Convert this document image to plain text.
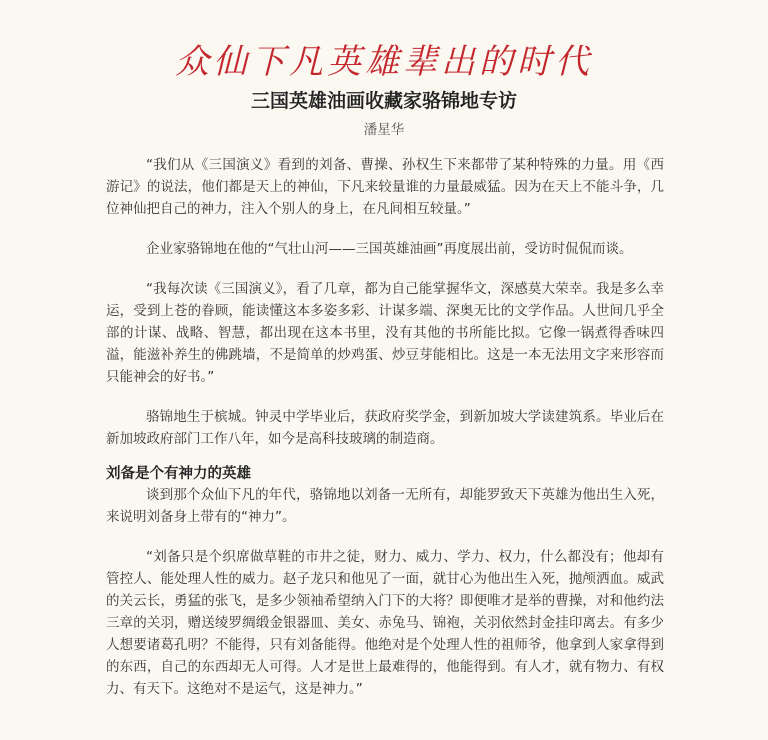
众仙下凡英雄辈出的时代
三国英雄油画收藏家骆锦地专访
潘星华

“我们从《三国演义》看到的刘备、曹操、孙权生下来都带了某种特殊的力量。用《西游记》的说法，他们都是天上的神仙，下凡来较量谁的力量最威猛。因为在天上不能斗争，几位神仙把自己的神力，注入个别人的身上，在凡间相互较量。”

企业家骆锦地在他的“气壮山河——三国英雄油画”再度展出前，受访时侃侃而谈。

“我每次读《三国演义》，看了几章，都为自己能掌握华文，深感莫大荣幸。我是多么幸运，受到上苍的眷顾，能读懂这本多姿多彩、计谋多端、深奥无比的文学作品。人世间几乎全部的计谋、战略、智慧，都出现在这本书里，没有其他的书所能比拟。它像一锅煮得香味四溢，能滋补养生的佛跳墙，不是简单的炒鸡蛋、炒豆芽能相比。这是一本无法用文字来形容而只能神会的好书。”

骆锦地生于槟城。钟灵中学毕业后，获政府奖学金，到新加坡大学读建筑系。毕业后在新加坡政府部门工作八年，如今是高科技玻璃的制造商。

刘备是个有神力的英雄

谈到那个众仙下凡的年代，骆锦地以刘备一无所有，却能罗致天下英雄为他出生入死，来说明刘备身上带有的“神力”。

“刘备只是个织席做草鞋的市井之徒，财力、威力、学力、权力，什么都没有；他却有管控人、能处理人性的威力。赵子龙只和他见了一面，就甘心为他出生入死，抛颅洒血。威武的关云长，勇猛的张飞，是多少领袖希望纳入门下的大将？即便唯才是举的曹操，对和他约法三章的关羽，赠送绫罗绸缎金银器皿、美女、赤兔马、锦袍，关羽依然封金挂印离去。有多少人想要诸葛孔明？不能得，只有刘备能得。他绝对是个处理人性的祖师爷，他拿到人家拿得到的东西，自己的东西却无人可得。人才是世上最难得的，他能得到。有人才，就有物力、有权力、有天下。这绝对不是运气，这是神力。”
